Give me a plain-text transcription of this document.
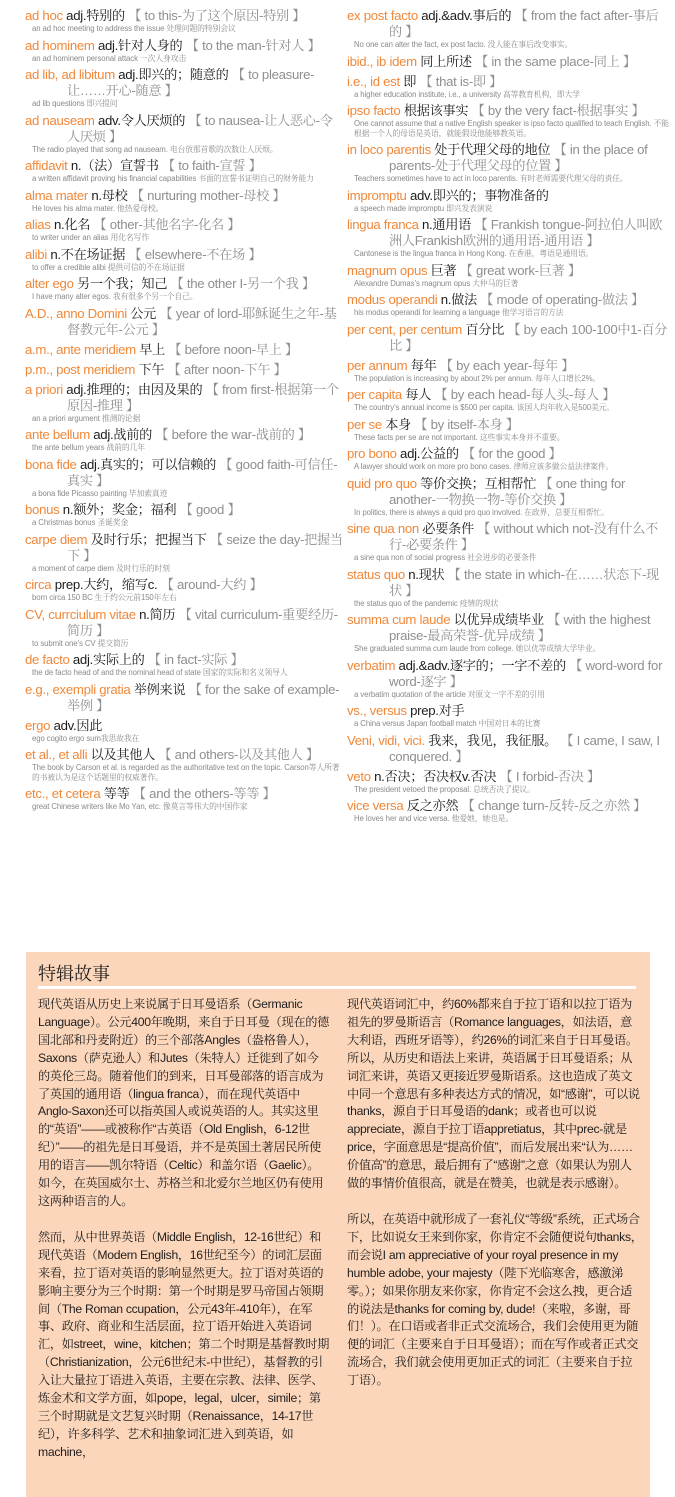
ad hoc adj.特别的 【 to this-为了这个原因-特别 】
an ad hoc meeting to address the issue 处理问题的特别会议
ad hominem adj.针对人身的 【 to the man-针对人 】
an ad hominem personal attack 一次人身攻击
ad lib, ad libitum adj.即兴的；随意的 【 to pleasure-让……开心-随意 】
ad lib questions 即兴提问
ad nauseam adv.令人厌烦的 【 to nausea-让人恶心-令人厌烦 】
The radio played that song ad nauseam. 电台放那首歌的次数让人厌烦。
affidavit n.（法）宣誓书 【 to faith-宣誓 】
a written affidavit proving his financial capabilities 书面的宣誓书证明自己的财务能力
alma mater n.母校 【 nurturing mother-母校 】
He loves his alma mater. 他热爱母校。
alias n.化名 【 other-其他名字-化名 】
to writer under an alias 用化名写作
alibi n.不在场证据 【 elsewhere-不在场 】
to offer a credible alibi 提供可信的不在场证据
alter ego 另一个我；知己 【 the other I-另一个我 】
I have many alter egos. 我有很多个另一个自己。
A.D., anno Domini 公元 【 year of lord-耶稣诞生之年-基督教元年-公元 】
a.m., ante meridiem 早上 【 before noon-早上 】
p.m., post meridiem 下午 【 after noon-下午 】
a priori adj.推理的；由因及果的 【 from first-根据第一个原因-推理 】
an a priori argument 推测的论据
ante bellum adj.战前的 【 before the war-战前的 】
the ante bellum years 战前的几年
bona fide adj.真实的；可以信赖的 【 good faith-可信任-真实 】
a bona fide Picasso painting 毕加索真迹
bonus n.额外；奖金；福利 【 good 】
a Christmas bonus 圣诞奖金
carpe diem 及时行乐；把握当下 【 seize the day-把握当下 】
a moment of carpe diem 及时行乐的时刻
circa prep.大约，缩写c. 【 around-大约 】
born circa 150 BC 生于约公元前150年左右
CV, currciulum vitae n.简历 【 vital curriculum-重要经历-简历 】
to submit one’s CV 提交简历
de facto adj.实际上的 【 in fact-实际 】
the de facto head of and the nominal head of state 国家的实际和名义领导人
e.g., exempli gratia 举例来说 【 for the sake of example-举例 】
ergo adv.因此
ego cogito ergo sum我思故我在
et al., et alli 以及其他人 【 and others-以及其他人 】
The book by Carson et al. is regarded as the authoritative text on the topic. Carson等人所著的书被认为是这个话题里的权威著作。
etc., et cetera 等等 【 and the others-等等 】
great Chinese writers like Mo Yan, etc. 像莫言等伟大的中国作家
ex post facto adj.&adv.事后的 【 from the fact after-事后的 】
No one can alter the fact, ex post facto. 没人能在事后改变事实。
ibid., ib idem 同上所述 【 in the same place-同上 】
i.e., id est 即 【 that is-即 】
a higher education institute, i.e., a university 高等教育机构，即大学
ipso facto 根据该事实 【 by the very fact-根据事实 】
One cannot assume that a native English speaker is ipso facto qualified to teach English. 不能根据一个人的母语是英语，就能假设他能够教英语。
in loco parentis 处于代理父母的地位 【 in the place of parents-处于代理父母的位置 】
Teachers sometimes have to act in loco parentis. 有时老师需要代理父母的责任。
impromptu adv.即兴的；事物准备的
a speech made impromptu 即兴发表演说
lingua franca n.通用语 【 Frankish tongue-阿拉伯人叫欧洲人Frankish欧洲的通用语-通用语 】
Cantonese is the lingua franca in Hong Kong. 在香港，粤语是通用语。
magnum opus 巨著 【 great work-巨著 】
Alexandre Dumas’s magnum opus 大仲马的巨著
modus operandi n.做法 【 mode of operating-做法 】
his modus operandi for learning a language 他学习语言的方法
per cent, per centum 百分比 【 by each 100-100中1-百分比 】
per annum 每年 【 by each year-每年 】
The population is increasing by about 2% per annum. 每年人口增长2%。
per capita 每人 【 by each head-每人头-每人 】
The country's annual income is $500 per capita. 该国人均年收入是500美元。
per se 本身 【 by itself-本身 】
These facts per se are not important. 这些事实本身并不重要。
pro bono adj.公益的 【 for the good 】
A lawyer should work on more pro bono cases. 律师应该多做公益法律案件。
quid pro quo 等价交换；互相帮忙 【 one thing for another-一物换一物-等价交换 】
In politics, there is always a quid pro quo involved. 在政界，总要互相帮忙。
sine qua non 必要条件 【 without which not-没有什么不行-必要条件 】
a sine qua non of social progress 社会进步的必要条件
status quo n.现状 【 the state in which-在……状态下-现状 】
the status quo of the pandemic 疫情的现状
summa cum laude 以优异成绩毕业 【 with the highest praise-最高荣誉-优异成绩 】
She graduated summa cum laude from college. 她以优等成绩大学毕业。
verbatim adj.&adv.逐字的；一字不差的 【 word-word for word-逐字 】
a verbatim quotation of the article 对原文一字不差的引用
vs., versus prep.对手
a China versus Japan football match 中国对日本的比赛
Veni, vidi, vici. 我来，我见，我征服。 【 I came, I saw, I conquered. 】
veto n.否决；否决权v.否决 【 I forbid-否决 】
The president vetoed the proposal. 总统否决了提议。
vice versa 反之亦然 【 change turn-反转-反之亦然 】
He loves her and vice versa. 他爱她，她也是。
特辑故事

现代英语从历史上来说属于日耳曼语系（Germanic Language）。公元400年晚期，来自于日耳曼（现在的德国北部和丹麦附近）的三个部落Angles（盎格鲁人），Saxons（萨克逊人）和Jutes（朱特人）迁徙到了如今的英伦三岛。随着他们的到来，日耳曼部落的语言成为了英国的通用语（lingua franca），而在现代英语中Anglo-Saxon还可以指英国人或说英语的人。其实这里的“英语”——或被称作“古英语（Old English，6-12世纪）”——的祖先是日耳曼语，并不是英国土著居民所使用的语言——凯尔特语（Celtic）和盖尔语（Gaelic）。如今，在英国威尔士、苏格兰和北爱尔兰地区仍有使用这两种语言的人。

然而，从中世界英语（Middle English，12-16世纪）和现代英语（Modern English，16世纪至今）的词汇层面来看，拉丁语对英语的影响显然更大。拉丁语对英语的影响主要分为三个时期：第一个时期是罗马帝国占领期间（The Roman ccupation，公元43年-410年），在军事、政府、商业和生活层面，拉丁语开始进入英语词汇，如street，wine，kitchen；第二个时期是基督教时期（Christianization，公元6世纪末-中世纪），基督教的引入让大量拉丁语进入英语，主要在宗教、法律、医学、炼金术和文学方面，如pope，legal，ulcer，simile；第三个时期就是文艺复兴时期（Renaissance，14-17世纪），许多科学、艺术和抽象词汇进入到英语，如machine，

现代英语词汇中，约60%都来自于拉丁语和以拉丁语为祖先的罗曼斯语言（Romance languages，如法语，意大利语，西班牙语等），约26%的词汇来自于日耳曼语。所以，从历史和语法上来讲，英语属于日耳曼语系；从词汇来讲，英语又更接近罗曼斯语系。这也造成了英文中同一个意思有多种表达方式的情况，如“感谢”，可以说thanks，源自于日耳曼语的dank；或者也可以说appreciate，源自于拉丁语appretiatus，其中prec-就是price，字面意思是“提高价值”，而后发展出来“认为……价值高”的意思，最后拥有了“感谢”之意（如果认为别人做的事情价值很高，就是在赞美，也就是表示感谢）。

所以，在英语中就形成了一套礼仪“等级”系统，正式场合下，比如说女王来到你家，你肯定不会随便说句thanks，而会说I am appreciative of your royal presence in my humble adobe, your majesty（陛下光临寒舍，感激涕零。）；如果你朋友来你家，你肯定不会这么拽，更合适的说法是thanks for coming by, dude!（来啦，多谢，哥们！）。在口语或者非正式交流场合，我们会使用更为随便的词汇（主要来自于日耳曼语）；而在写作或者正式交流场合，我们就会使用更加正式的词汇（主要来自于拉丁语）。
